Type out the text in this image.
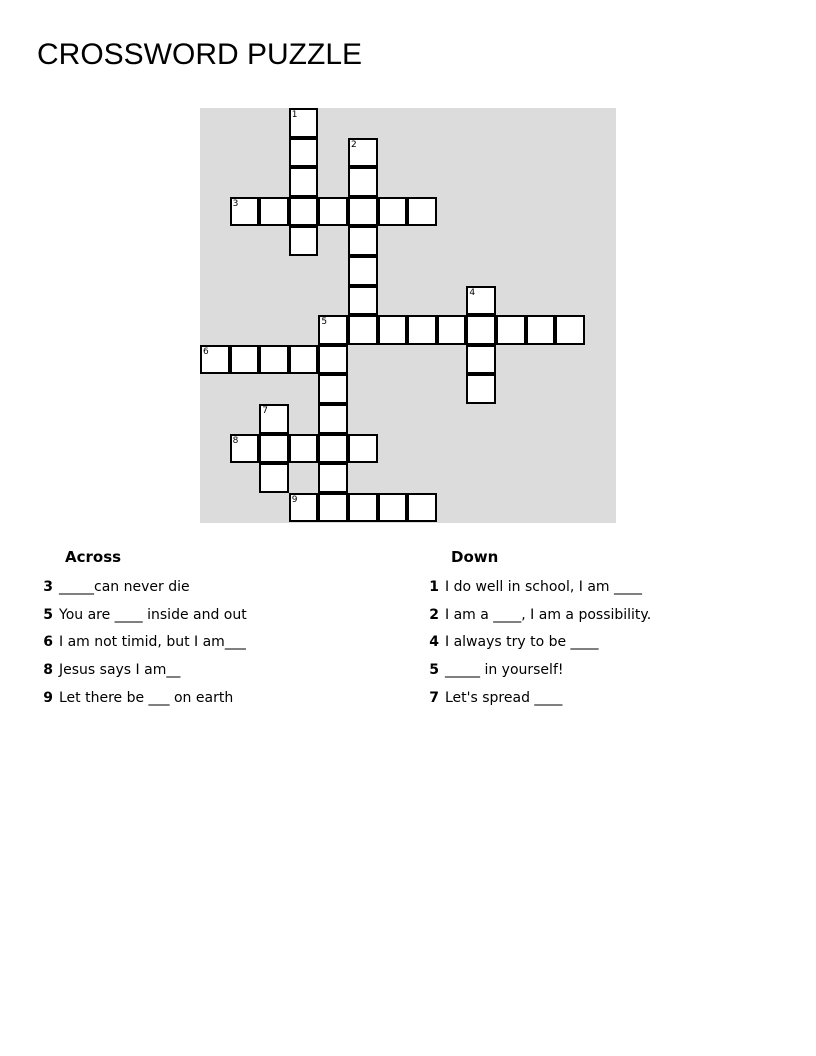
CROSSWORD PUZZLE
1
2
3
4
5
6
7
8
9
Across
3 _____can never die
5 You are ____ inside and out
6 I am not timid, but I am___
8 Jesus says I am__
9 Let there be ___ on earth
Down
1 I do well in school, I am ____
2 I am a ____, I am a possibility.
4 I always try to be ____
5 _____ in yourself!
7 Let's spread ____
